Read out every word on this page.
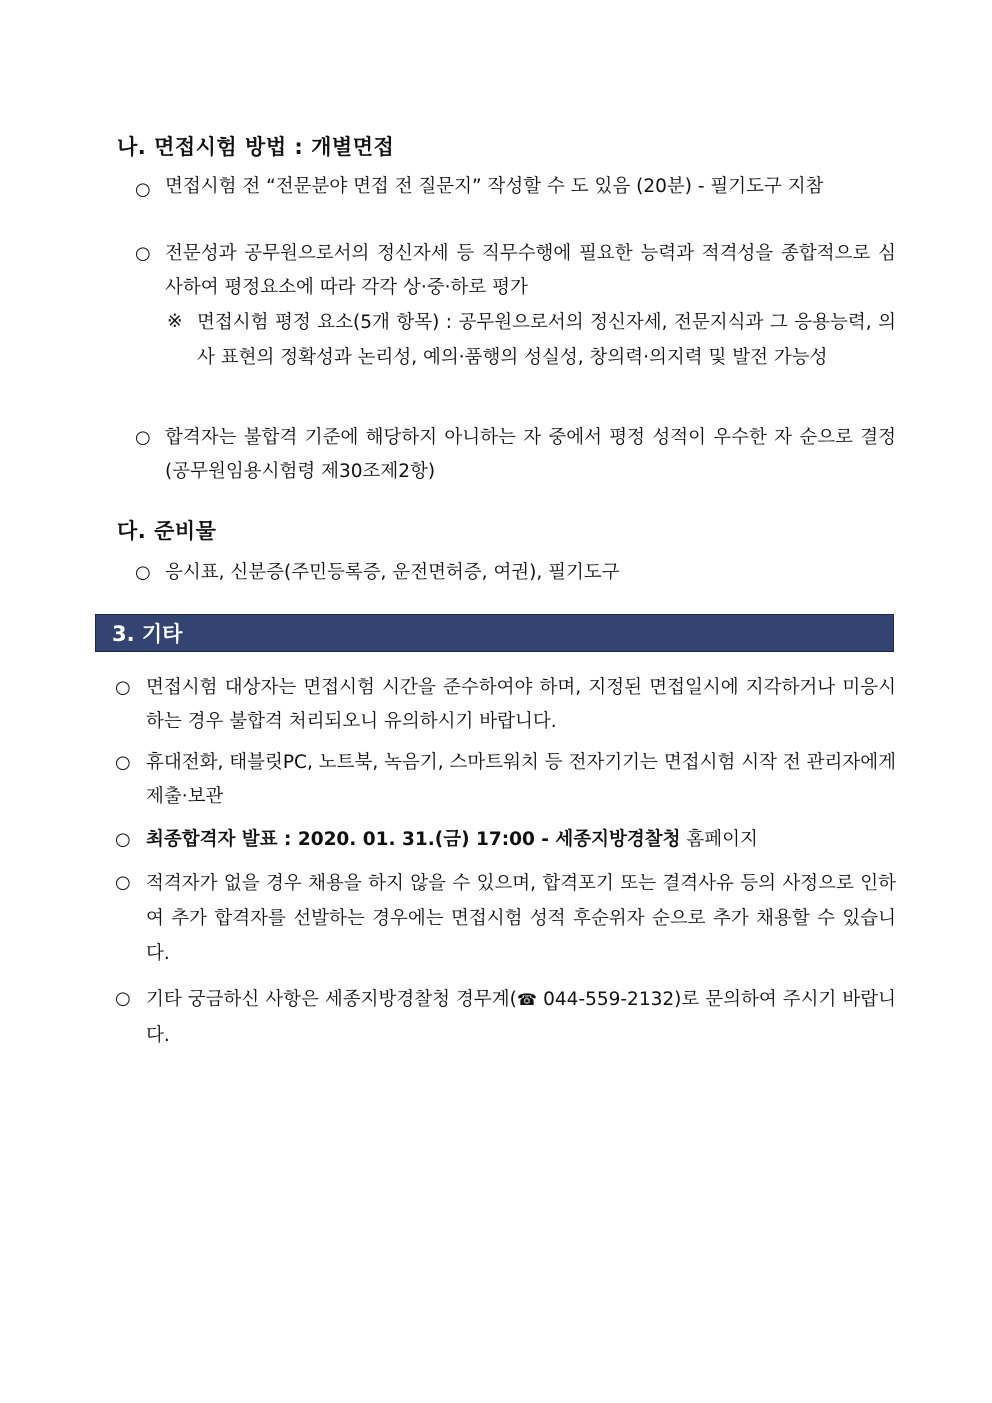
나. 면접시험 방법 : 개별면접
○ 면접시험 전 “전문분야 면접 전 질문지” 작성할 수 도 있음 (20분) - 필기도구 지참
○ 전문성과 공무원으로서의 정신자세 등 직무수행에 필요한 능력과 적격성을 종합적으로 심사하여 평정요소에 따라 각각 상·중·하로 평가
※ 면접시험 평정 요소(5개 항목) : 공무원으로서의 정신자세, 전문지식과 그 응용능력, 의사 표현의 정확성과 논리성, 예의·품행의 성실성, 창의력·의지력 및 발전 가능성
○ 합격자는 불합격 기준에 해당하지 아니하는 자 중에서 평정 성적이 우수한 자 순으로 결정(공무원임용시험령 제30조제2항)
다. 준비물
○ 응시표, 신분증(주민등록증, 운전면허증, 여권), 필기도구
3. 기타
○ 면접시험 대상자는 면접시험 시간을 준수하여야 하며, 지정된 면접일시에 지각하거나 미응시하는 경우 불합격 처리되오니 유의하시기 바랍니다.
○ 휴대전화, 태블릿PC, 노트북, 녹음기, 스마트워치 등 전자기기는 면접시험 시작 전 관리자에게 제출·보관
○ 최종합격자 발표 : 2020. 01. 31.(금) 17:00 - 세종지방경찰청 홈페이지
○ 적격자가 없을 경우 채용을 하지 않을 수 있으며, 합격포기 또는 결격사유 등의 사정으로 인하여 추가 합격자를 선발하는 경우에는 면접시험 성적 후순위자 순으로 추가 채용할 수 있습니다.
○ 기타 궁금하신 사항은 세종지방경찰청 경무계(☎ 044-559-2132)로 문의하여 주시기 바랍니다.
